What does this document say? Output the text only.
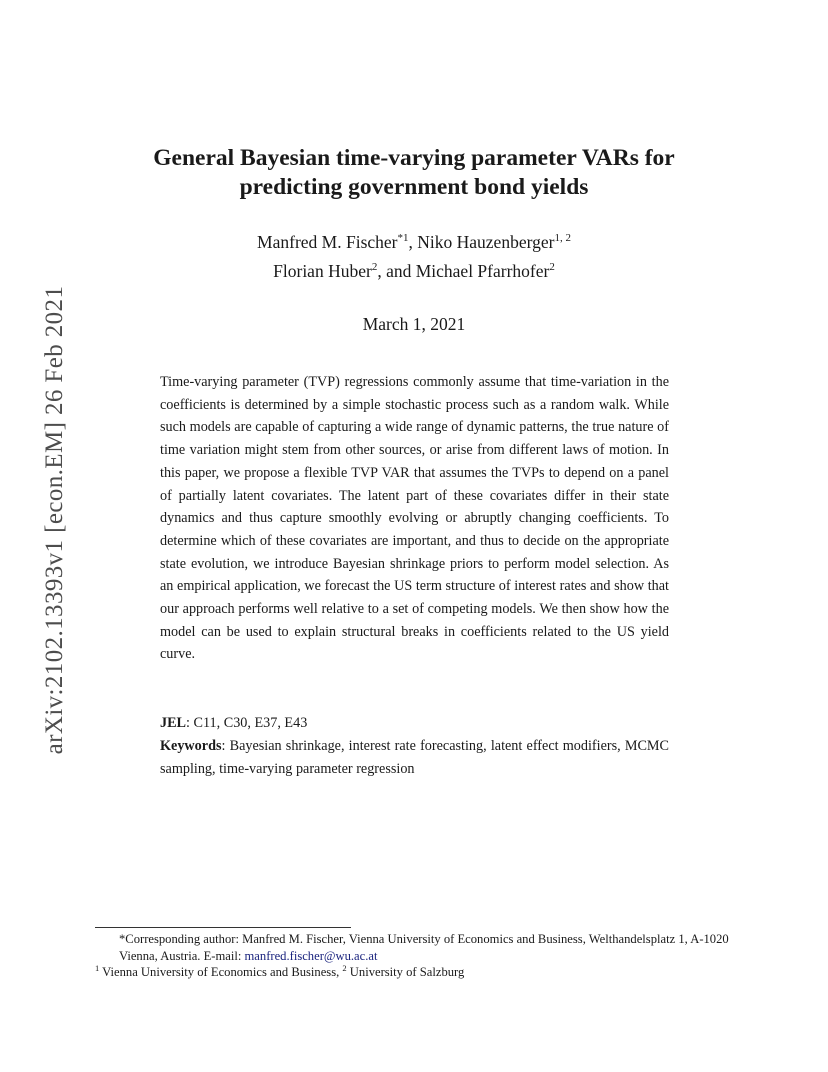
arXiv:2102.13393v1 [econ.EM] 26 Feb 2021
General Bayesian time-varying parameter VARs for
predicting government bond yields
Manfred M. Fischer$^{*1}$, Niko Hauzenberger$^{1, 2}$
Florian Huber$^2$, and Michael Pfarrhofer$^2$
March 1, 2021

Time-varying parameter (TVP) regressions commonly assume that time-variation in the coefficients is determined by a simple stochastic process such as a random walk. While such models are capable of capturing a wide range of dynamic patterns, the true nature of time variation might stem from other sources, or arise from different laws of motion. In this paper, we propose a flexible TVP VAR that assumes the TVPs to depend on a panel of partially latent covariates. The latent part of these covariates differ in their state dynamics and thus capture smoothly evolving or abruptly changing coefficients. To determine which of these covariates are important, and thus to decide on the appropriate state evolution, we introduce Bayesian shrinkage priors to perform model selection. As an empirical application, we forecast the US term structure of interest rates and show that our approach performs well relative to a set of competing models. We then show how the model can be used to explain structural breaks in coefficients related to the US yield curve.

JEL: C11, C30, E37, E43

Keywords: Bayesian shrinkage, interest rate forecasting, latent effect modifiers, MCMC sampling, time-varying parameter regression

*Corresponding author: Manfred M. Fischer, Vienna University of Economics and Business, Welthandelsplatz 1, A-1020 Vienna, Austria. E-mail: manfred.fischer@wu.ac.at

$^1$ Vienna University of Economics and Business, $^2$ University of Salzburg
